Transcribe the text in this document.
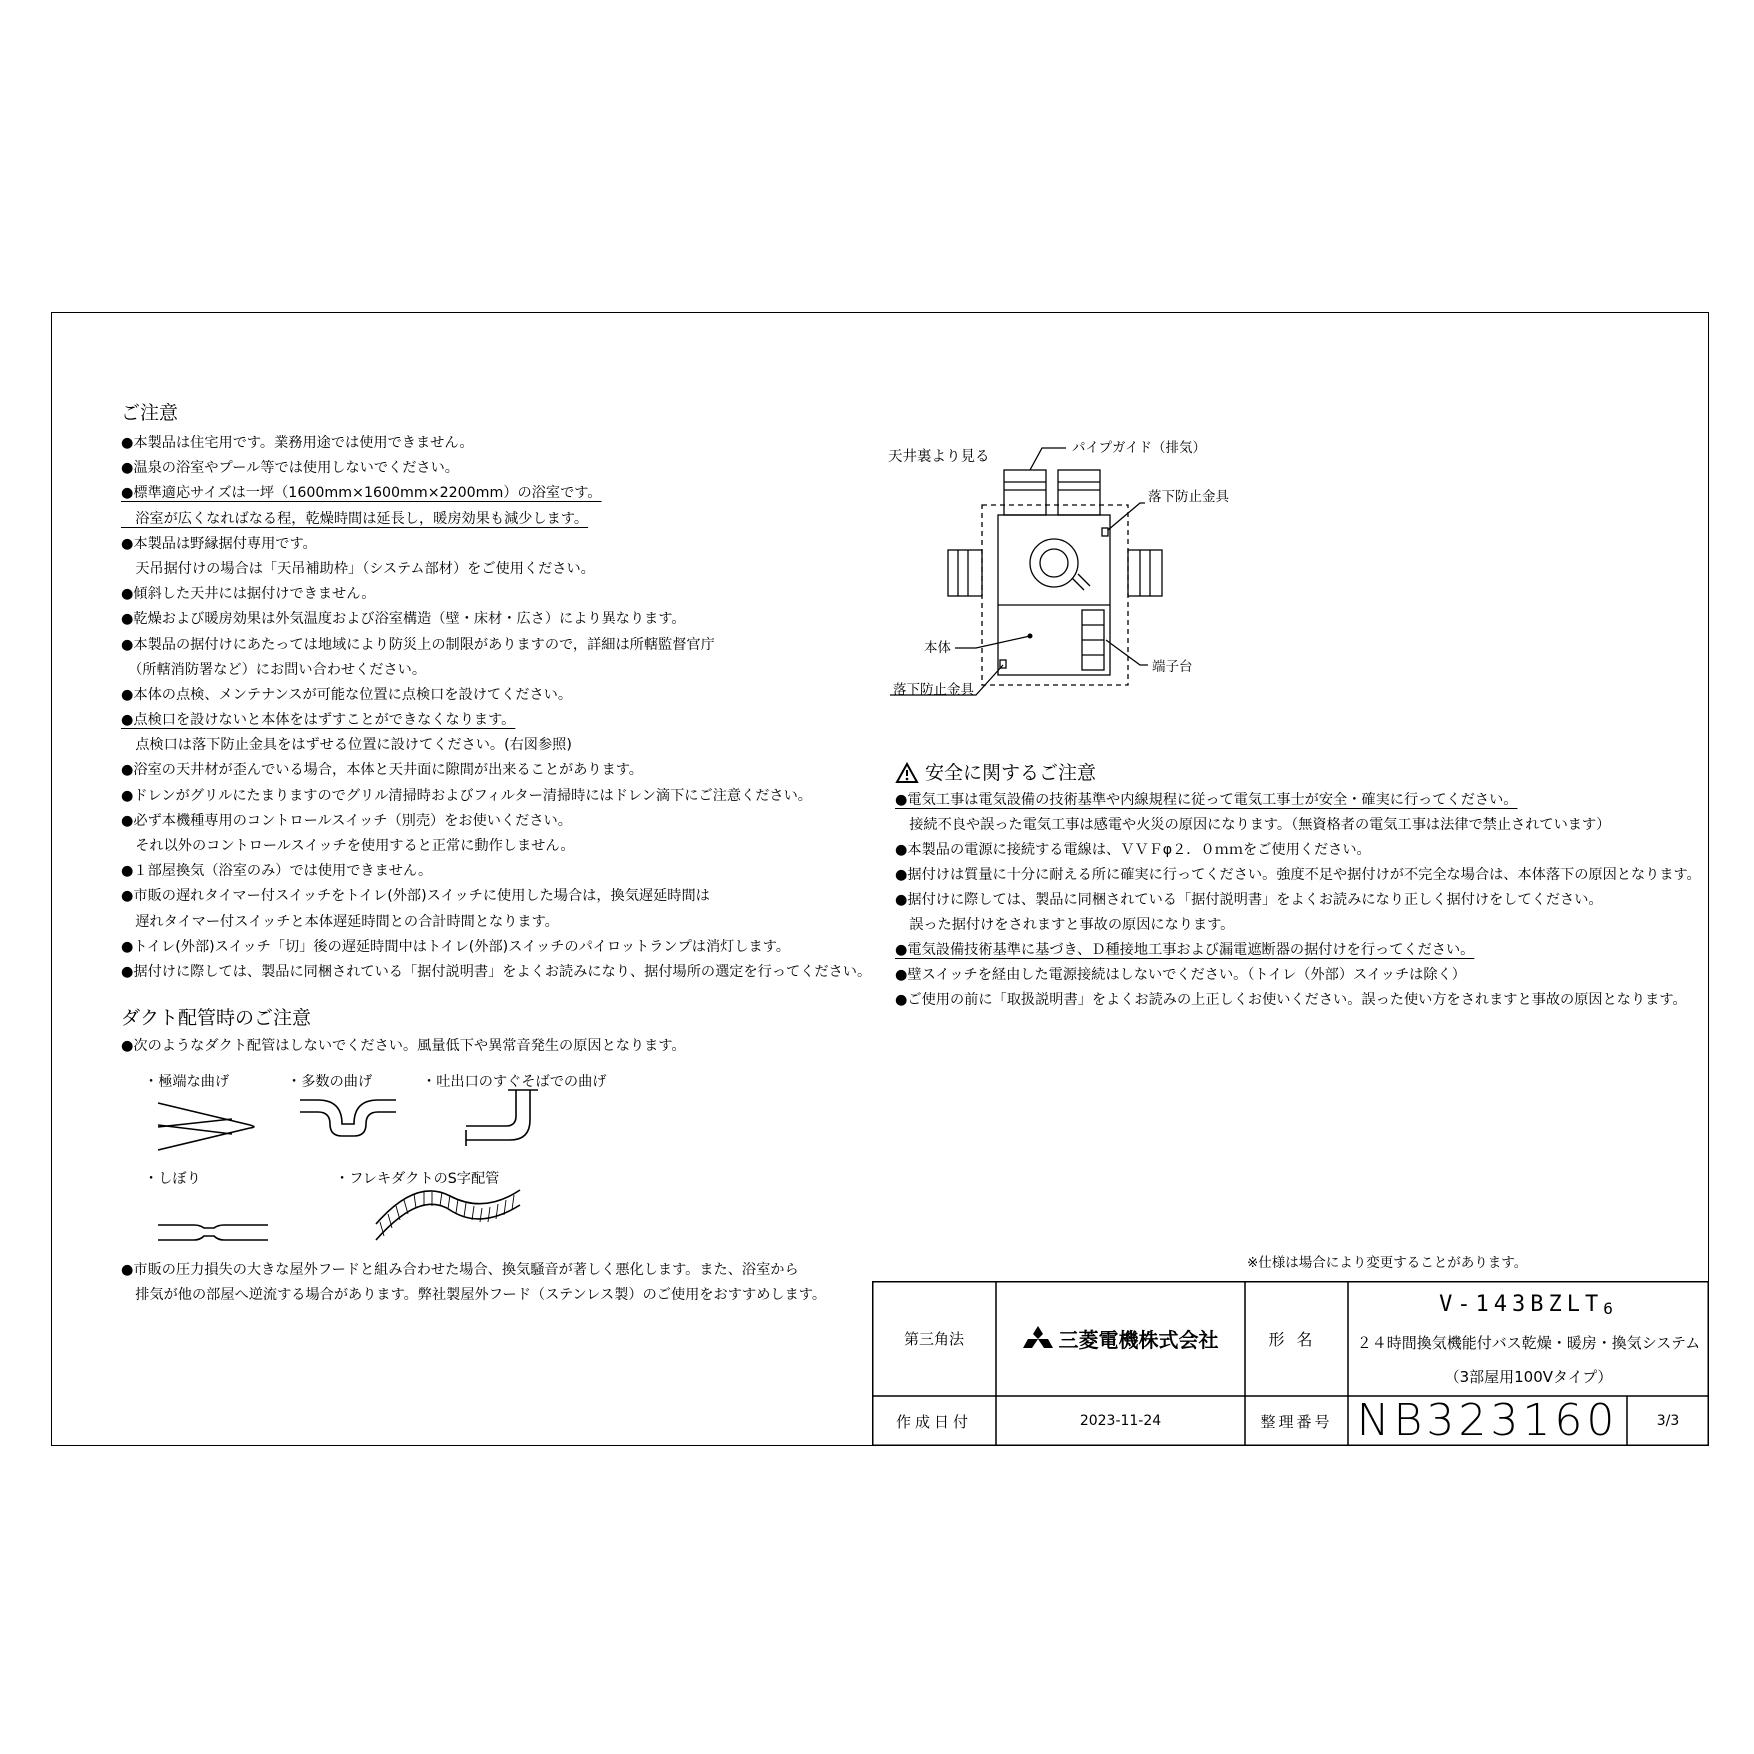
ご注意
●本製品は住宅用です。業務用途では使用できません。
●温泉の浴室やプール等では使用しないでください。
●標準適応サイズは一坪（1600mm×1600mm×2200mm）の浴室です。
　浴室が広くなればなる程，乾燥時間は延長し，暖房効果も減少します。
●本製品は野縁据付専用です。
　天吊据付けの場合は「天吊補助枠」（システム部材）をご使用ください。
●傾斜した天井には据付けできません。
●乾燥および暖房効果は外気温度および浴室構造（壁・床材・広さ）により異なります。
●本製品の据付けにあたっては地域により防災上の制限がありますので，詳細は所轄監督官庁
　（所轄消防署など）にお問い合わせください。
●本体の点検、メンテナンスが可能な位置に点検口を設けてください。
●点検口を設けないと本体をはずすことができなくなります。
　点検口は落下防止金具をはずせる位置に設けてください。(右図参照)
●浴室の天井材が歪んでいる場合，本体と天井面に隙間が出来ることがあります。
●ドレンがグリルにたまりますのでグリル清掃時およびフィルター清掃時にはドレン滴下にご注意ください。
●必ず本機種専用のコントロールスイッチ（別売）をお使いください。
　それ以外のコントロールスイッチを使用すると正常に動作しません。
●１部屋換気（浴室のみ）では使用できません。
●市販の遅れタイマー付スイッチをトイレ(外部)スイッチに使用した場合は，換気遅延時間は
　遅れタイマー付スイッチと本体遅延時間との合計時間となります。
●トイレ(外部)スイッチ「切」後の遅延時間中はトイレ(外部)スイッチのパイロットランプは消灯します。
●据付けに際しては、製品に同梱されている「据付説明書」をよくお読みになり、据付場所の選定を行ってください。
ダクト配管時のご注意
●次のようなダクト配管はしないでください。風量低下や異常音発生の原因となります。
・極端な曲げ	・多数の曲げ	・吐出口のすぐそばでの曲げ
・しぼり	・フレキダクトのS字配管
●市販の圧力損失の大きな屋外フードと組み合わせた場合、換気騒音が著しく悪化します。また、浴室から
　排気が他の部屋へ逆流する場合があります。弊社製屋外フード（ステンレス製）のご使用をおすすめします。
天井裏より見る
パイプガイド（排気）
落下防止金具
本体
端子台
落下防止金具
安全に関するご注意
●電気工事は電気設備の技術基準や内線規程に従って電気工事士が安全・確実に行ってください。
　接続不良や誤った電気工事は感電や火災の原因になります。（無資格者の電気工事は法律で禁止されています）
●本製品の電源に接続する電線は、ＶＶＦφ２．０ｍｍをご使用ください。
●据付けは質量に十分に耐える所に確実に行ってください。強度不足や据付けが不完全な場合は、本体落下の原因となります。
●据付けに際しては、製品に同梱されている「据付説明書」をよくお読みになり正しく据付けをしてください。
　誤った据付けをされますと事故の原因になります。
●電気設備技術基準に基づき、Ｄ種接地工事および漏電遮断器の据付けを行ってください。
●壁スイッチを経由した電源接続はしないでください。（トイレ（外部）スイッチは除く）
●ご使用の前に「取扱説明書」をよくお読みの上正しくお使いください。誤った使い方をされますと事故の原因となります。
※仕様は場合により変更することがあります。
第三角法	三菱電機株式会社	形名
V-143BZLT 6
２４時間換気機能付バス乾燥・暖房・換気システム
（3部屋用100Vタイプ）
作成日付	2023-11-24	整理番号 NB323160	3/3
